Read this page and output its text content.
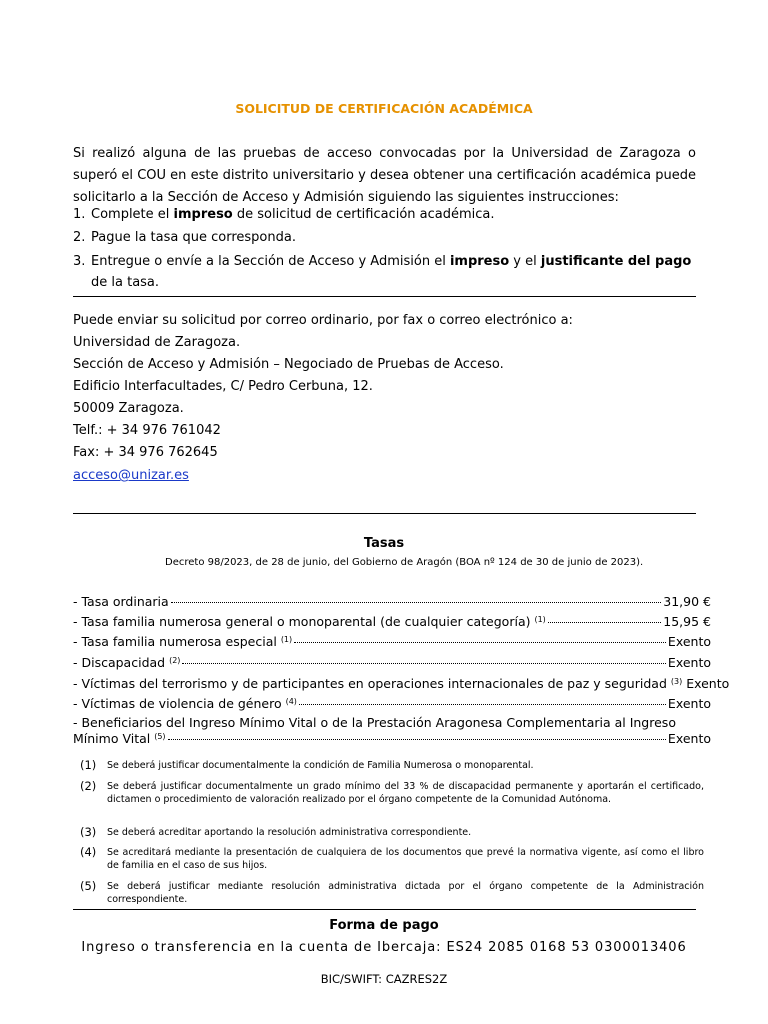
SOLICITUD DE CERTIFICACIÓN ACADÉMICA
Si realizó alguna de las pruebas de acceso convocadas por la Universidad de Zaragoza o superó el COU en este distrito universitario y desea obtener una certificación académica puede solicitarlo a la Sección de Acceso y Admisión siguiendo las siguientes instrucciones:
1. Complete el impreso de solicitud de certificación académica.
2. Pague la tasa que corresponda.
3. Entregue o envíe a la Sección de Acceso y Admisión el impreso y el justificante del pago
de la tasa.
Puede enviar su solicitud por correo ordinario, por fax o correo electrónico a:
Universidad de Zaragoza.
Sección de Acceso y Admisión – Negociado de Pruebas de Acceso.
Edificio Interfacultades, C/ Pedro Cerbuna, 12.
50009 Zaragoza.
Telf.: + 34 976 761042
Fax: + 34 976 762645
acceso@unizar.es
Tasas
Decreto 98/2023, de 28 de junio, del Gobierno de Aragón (BOA nº 124 de 30 de junio de 2023).
- Tasa ordinaria	31,90 €
- Tasa familia numerosa general o monoparental (de cualquier categoría) $^{(1)}$	15,95 €
- Tasa familia numerosa especial $^{(1)}$	Exento
- Discapacidad $^{(2)}$	Exento
- Víctimas del terrorismo y de participantes en operaciones internacionales de paz y seguridad $^{(3)}$ Exento
- Víctimas de violencia de género $^{(4)}$	Exento
- Beneficiarios del Ingreso Mínimo Vital o de la Prestación Aragonesa Complementaria al Ingreso
Mínimo Vital $^{(5)}$	Exento
(1)	Se deberá justificar documentalmente la condición de Familia Numerosa o monoparental.
(2)	Se deberá justificar documentalmente un grado mínimo del 33 % de discapacidad permanente y aportarán el certificado, dictamen o procedimiento de valoración realizado por el órgano competente de la Comunidad Autónoma.
(3)	Se deberá acreditar aportando la resolución administrativa correspondiente.
(4)	Se acreditará mediante la presentación de cualquiera de los documentos que prevé la normativa vigente, así como el libro de familia en el caso de sus hijos.
(5)	Se deberá justificar mediante resolución administrativa dictada por el órgano competente de la Administración correspondiente.
Forma de pago
Ingreso o transferencia en la cuenta de Ibercaja: ES24 2085 0168 53 0300013406
BIC/SWIFT: CAZRES2Z
